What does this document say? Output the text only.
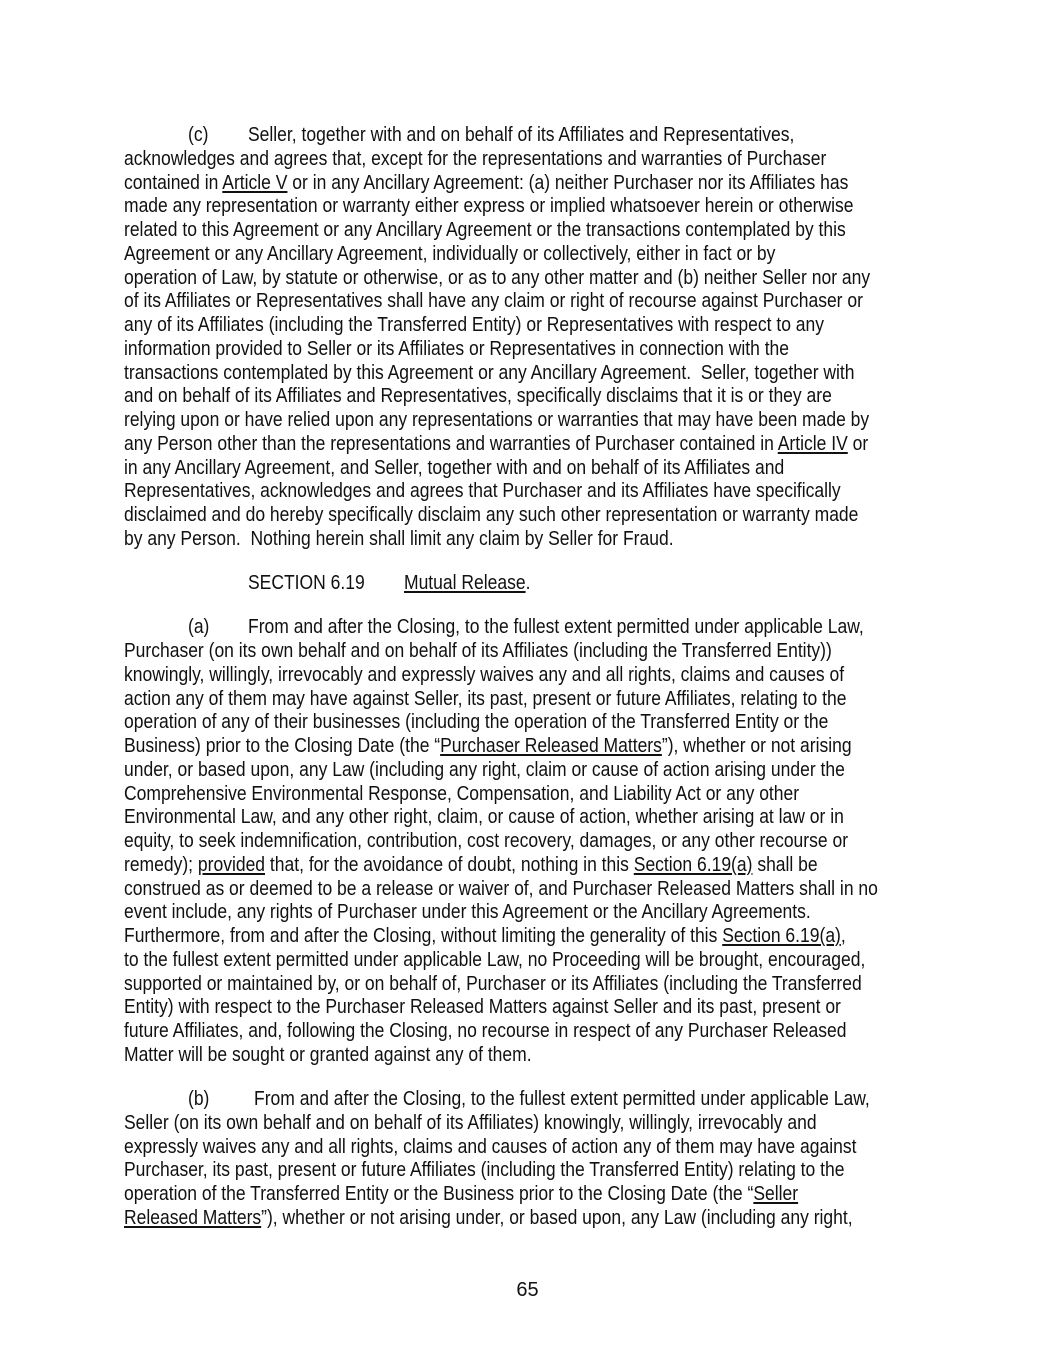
(c) Seller, together with and on behalf of its Affiliates and Representatives,
acknowledges and agrees that, except for the representations and warranties of Purchaser
contained in Article V or in any Ancillary Agreement: (a) neither Purchaser nor its Affiliates has
made any representation or warranty either express or implied whatsoever herein or otherwise
related to this Agreement or any Ancillary Agreement or the transactions contemplated by this
Agreement or any Ancillary Agreement, individually or collectively, either in fact or by
operation of Law, by statute or otherwise, or as to any other matter and (b) neither Seller nor any
of its Affiliates or Representatives shall have any claim or right of recourse against Purchaser or
any of its Affiliates (including the Transferred Entity) or Representatives with respect to any
information provided to Seller or its Affiliates or Representatives in connection with the
transactions contemplated by this Agreement or any Ancillary Agreement.  Seller, together with
and on behalf of its Affiliates and Representatives, specifically disclaims that it is or they are
relying upon or have relied upon any representations or warranties that may have been made by
any Person other than the representations and warranties of Purchaser contained in Article IV or
in any Ancillary Agreement, and Seller, together with and on behalf of its Affiliates and
Representatives, acknowledges and agrees that Purchaser and its Affiliates have specifically
disclaimed and do hereby specifically disclaim any such other representation or warranty made
by any Person.  Nothing herein shall limit any claim by Seller for Fraud.
SECTION 6.19 Mutual Release.
(a) From and after the Closing, to the fullest extent permitted under applicable Law,
Purchaser (on its own behalf and on behalf of its Affiliates (including the Transferred Entity))
knowingly, willingly, irrevocably and expressly waives any and all rights, claims and causes of
action any of them may have against Seller, its past, present or future Affiliates, relating to the
operation of any of their businesses (including the operation of the Transferred Entity or the
Business) prior to the Closing Date (the “Purchaser Released Matters”), whether or not arising
under, or based upon, any Law (including any right, claim or cause of action arising under the
Comprehensive Environmental Response, Compensation, and Liability Act or any other
Environmental Law, and any other right, claim, or cause of action, whether arising at law or in
equity, to seek indemnification, contribution, cost recovery, damages, or any other recourse or
remedy); provided that, for the avoidance of doubt, nothing in this Section 6.19(a) shall be
construed as or deemed to be a release or waiver of, and Purchaser Released Matters shall in no
event include, any rights of Purchaser under this Agreement or the Ancillary Agreements.
Furthermore, from and after the Closing, without limiting the generality of this Section 6.19(a),
to the fullest extent permitted under applicable Law, no Proceeding will be brought, encouraged,
supported or maintained by, or on behalf of, Purchaser or its Affiliates (including the Transferred
Entity) with respect to the Purchaser Released Matters against Seller and its past, present or
future Affiliates, and, following the Closing, no recourse in respect of any Purchaser Released
Matter will be sought or granted against any of them.
(b) From and after the Closing, to the fullest extent permitted under applicable Law,
Seller (on its own behalf and on behalf of its Affiliates) knowingly, willingly, irrevocably and
expressly waives any and all rights, claims and causes of action any of them may have against
Purchaser, its past, present or future Affiliates (including the Transferred Entity) relating to the
operation of the Transferred Entity or the Business prior to the Closing Date (the “Seller
Released Matters”), whether or not arising under, or based upon, any Law (including any right,
65
